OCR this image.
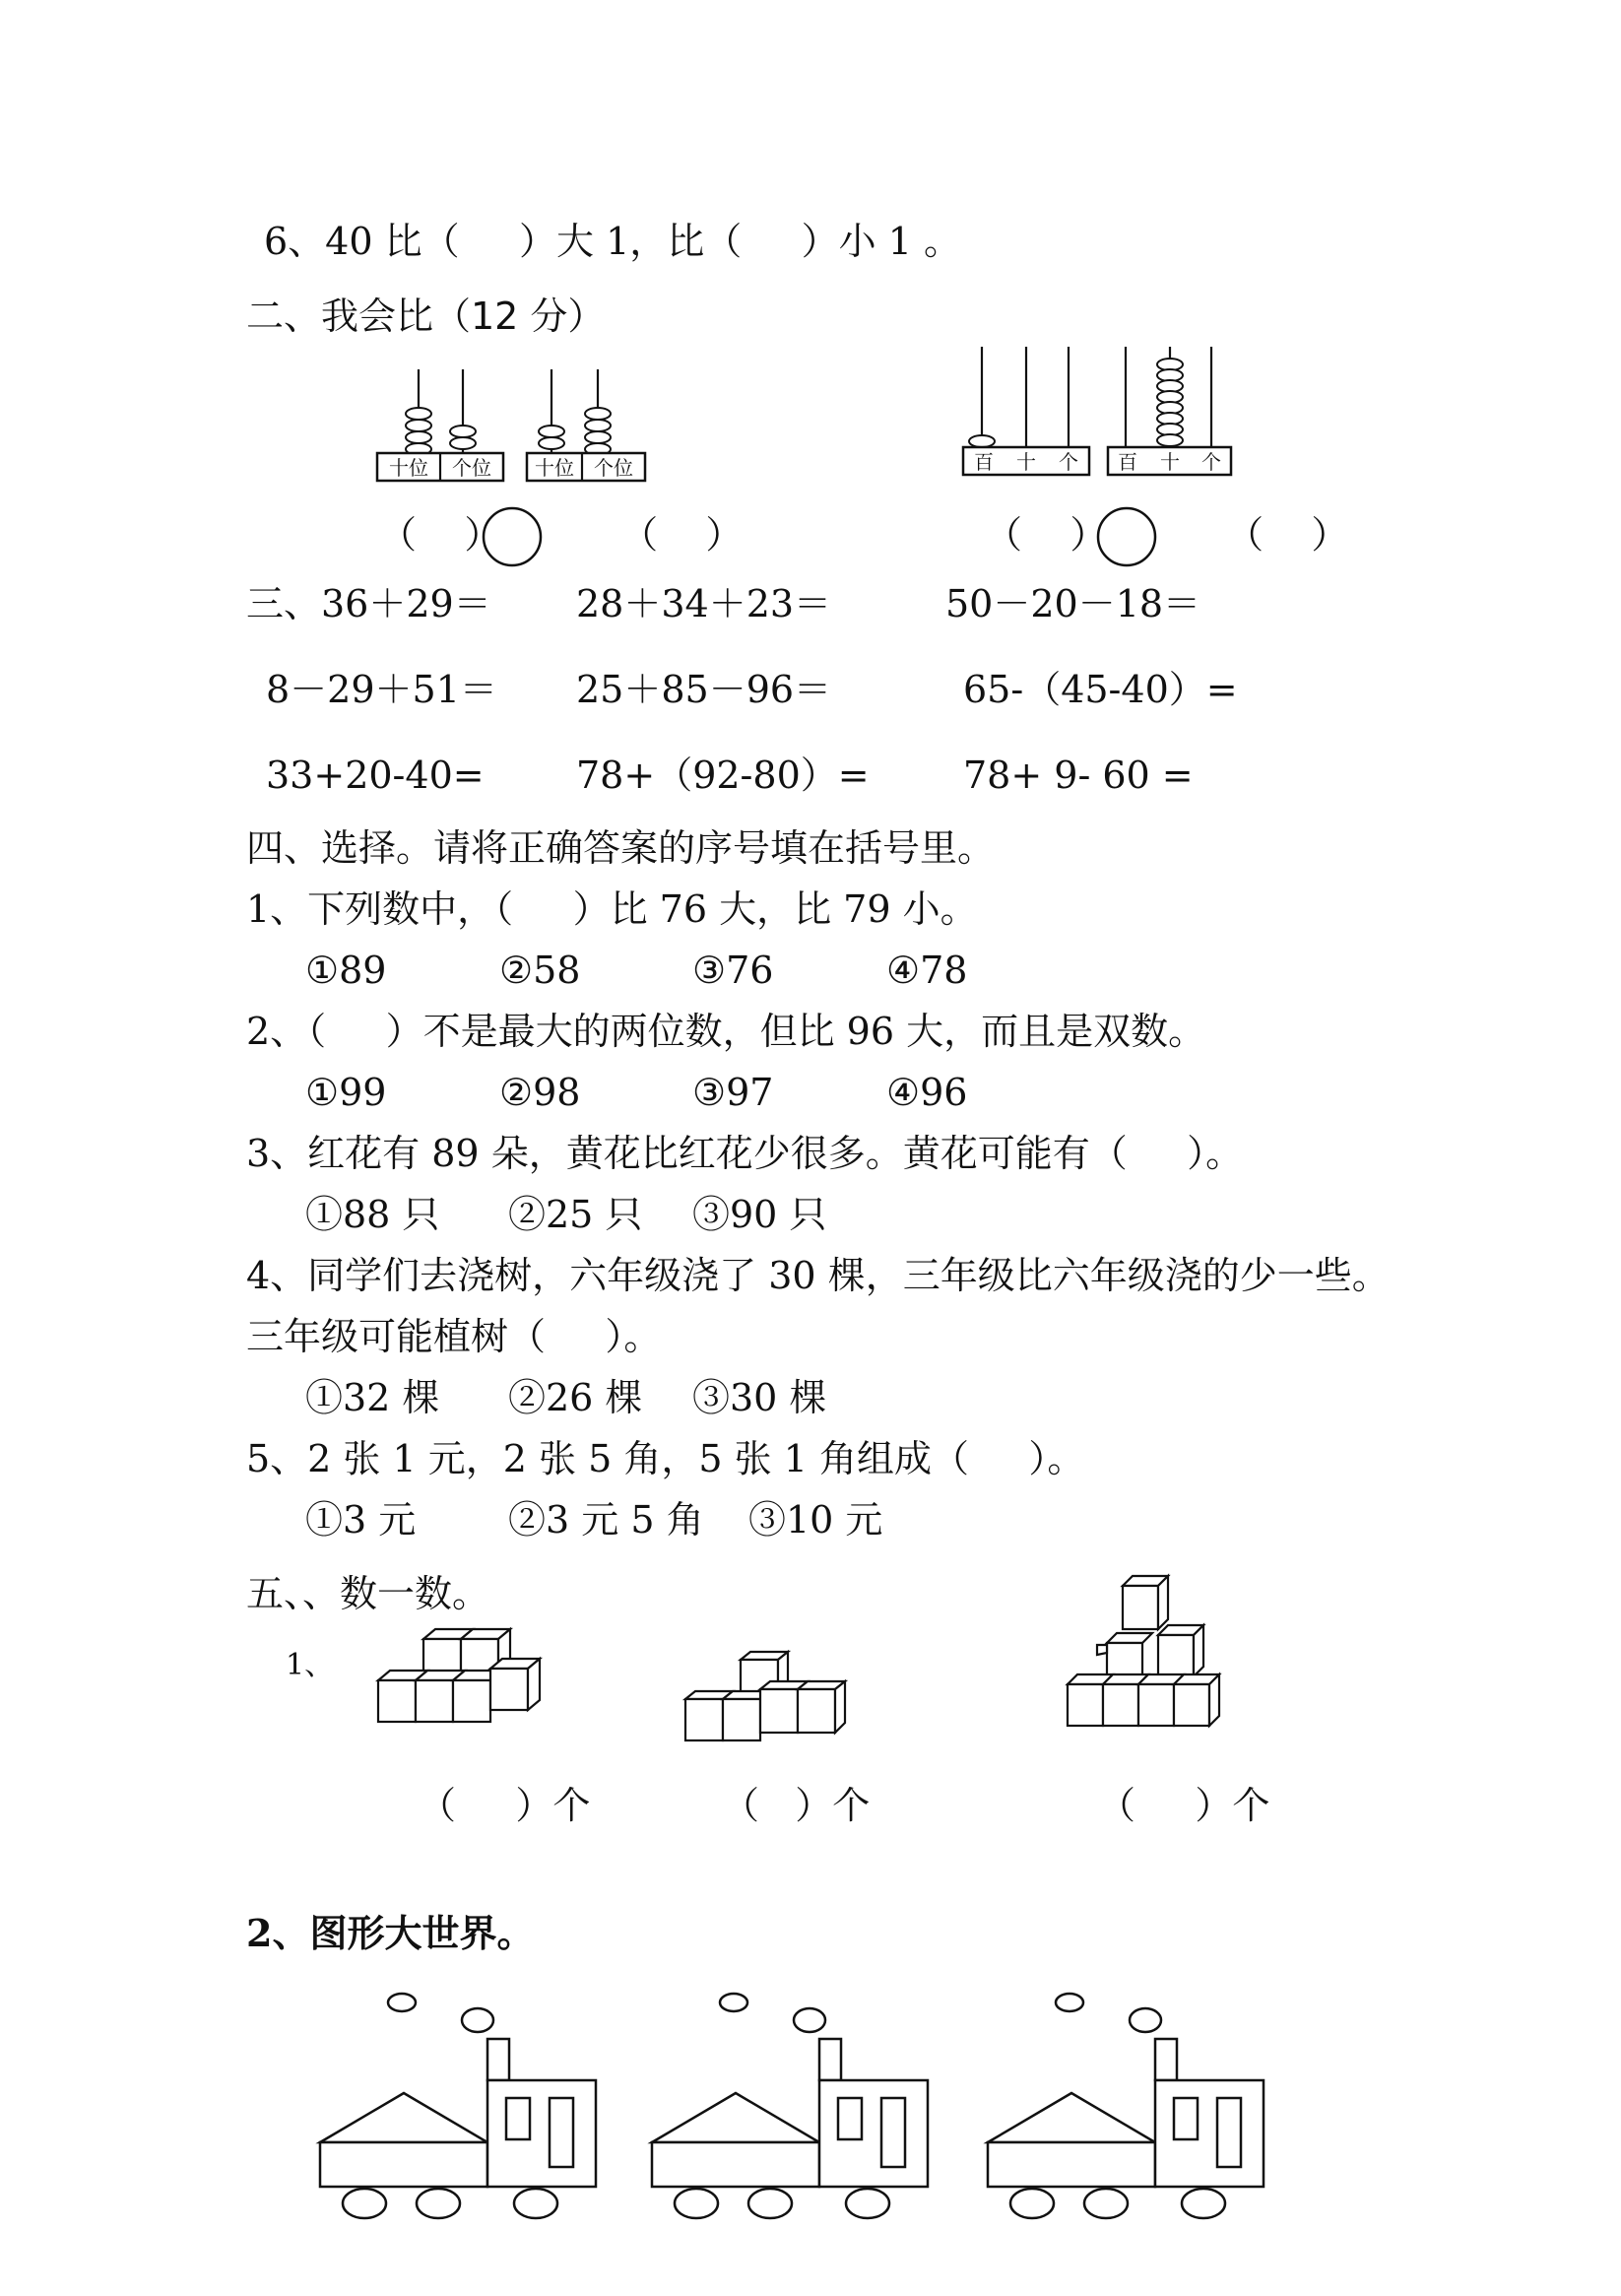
6、40 比（     ）大 1，比（     ）小 1 。
二、我会比（12 分）
十位 个位 十位 个位	百 十 个 百 十 个
（    ）          （    ）	（    ）          （    ）
三、36＋29＝ 28＋34＋23＝	50－20－18＝
8－29＋51＝ 25＋85－96＝	65-（45-40）=
33+20-40= 78+（92-80）=	78+ 9- 60 =
四、选择。请将正确答案的序号填在括号里。
1、下列数中，（     ）比 76 大，比 79 小。
①89	②58	③76	④78
2、（     ）不是最大的两位数，但比 96 大，而且是双数。
①99	②98	③97	④96
3、红花有 89 朵，黄花比红花少很多。黄花可能有（     ）。
①88 只 ②25 只 ③90 只
4、同学们去浇树，六年级浇了 30 棵，三年级比六年级浇的少一些。
三年级可能植树（     ）。
①32 棵 ②26 棵 ③30 棵
5、2 张 1 元，2 张 5 角，5 张 1 角组成（     ）。
①3 元 ②3 元 5 角 ③10 元
五、、数一数。
1、
（     ）个	（   ）个	（     ）个
2、图形大世界。
